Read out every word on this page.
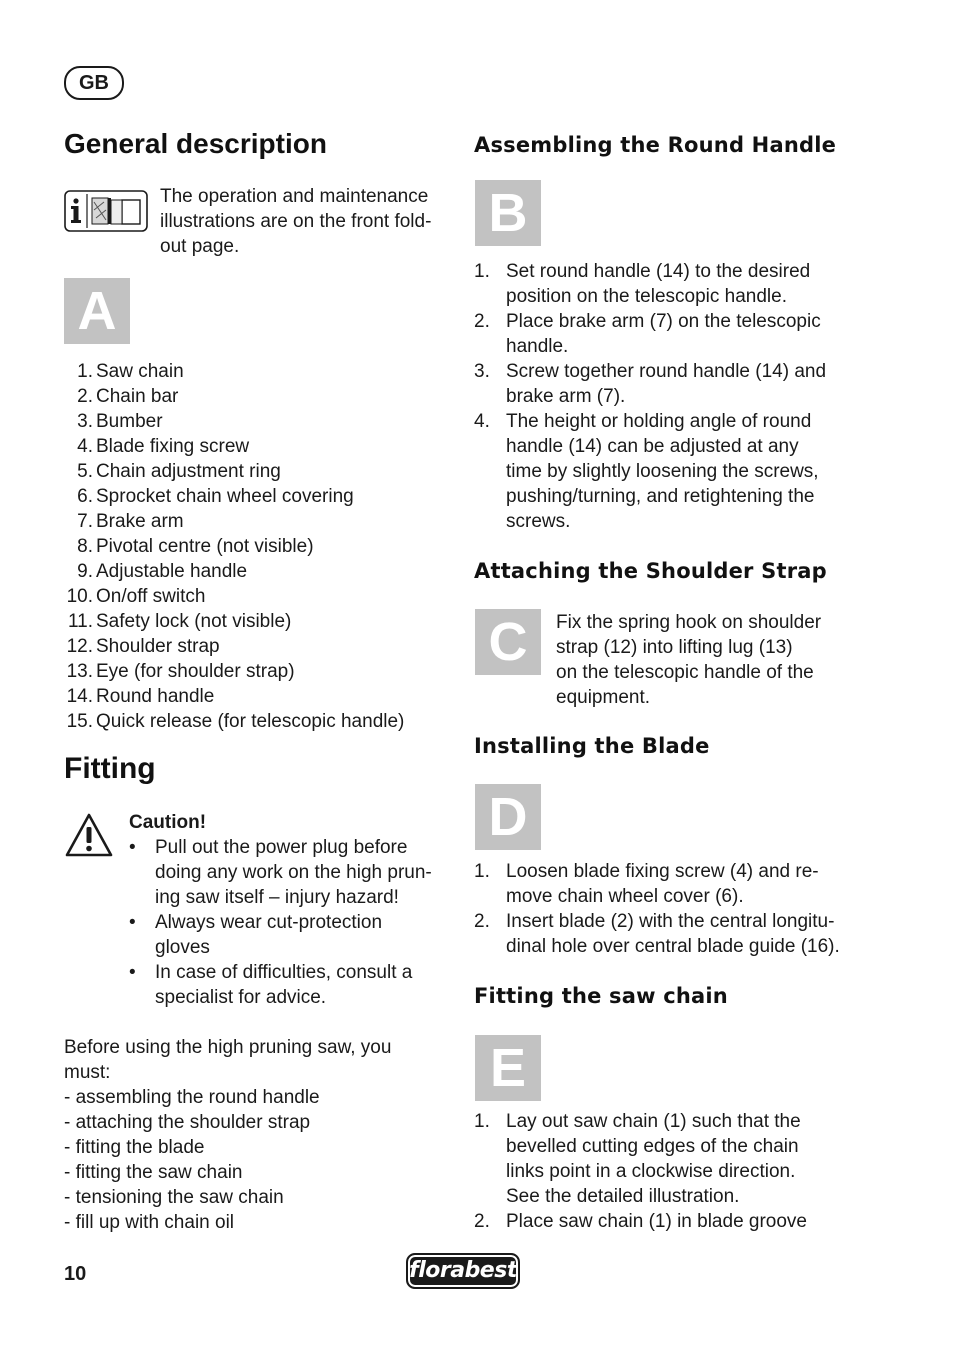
GB
General description
The operation and maintenance
illustrations are on the front fold-
out page.
A
1. Saw chain
2. Chain bar
3. Bumber
4. Blade fixing screw
5. Chain adjustment ring
6. Sprocket chain wheel covering
7. Brake arm
8. Pivotal centre (not visible)
9. Adjustable handle
10. On/off switch
11. Safety lock (not visible)
12. Shoulder strap
13. Eye (for shoulder strap)
14. Round handle
15. Quick release (for telescopic handle)
Fitting
Caution!
• Pull out the power plug before
doing any work on the high prun-
ing saw itself – injury hazard!
• Always wear cut-protection
gloves
• In case of difficulties, consult a
specialist for advice.
Before using the high pruning saw, you
must:
- assembling the round handle
- attaching the shoulder strap
- fitting the blade
- fitting the saw chain
- tensioning the saw chain
- fill up with chain oil
Assembling the Round Handle
B
1. Set round handle (14) to the desired
position on the telescopic handle.
2. Place brake arm (7) on the telescopic
handle.
3. Screw together round handle (14) and
brake arm (7).
4. The height or holding angle of round
handle (14) can be adjusted at any
time by slightly loosening the screws,
pushing/turning, and retightening the
screws.
Attaching the Shoulder Strap
C	Fix the spring hook on shoulder
strap (12) into lifting lug (13)
on the telescopic handle of the
equipment.
Installing the Blade
D
1. Loosen blade fixing screw (4) and re-
move chain wheel cover (6).
2. Insert blade (2) with the central longitu-
dinal hole over central blade guide (16).
Fitting the saw chain
E
1. Lay out saw chain (1) such that the
bevelled cutting edges of the chain
links point in a clockwise direction.
See the detailed illustration.
2. Place saw chain (1) in blade groove
10	florabest
